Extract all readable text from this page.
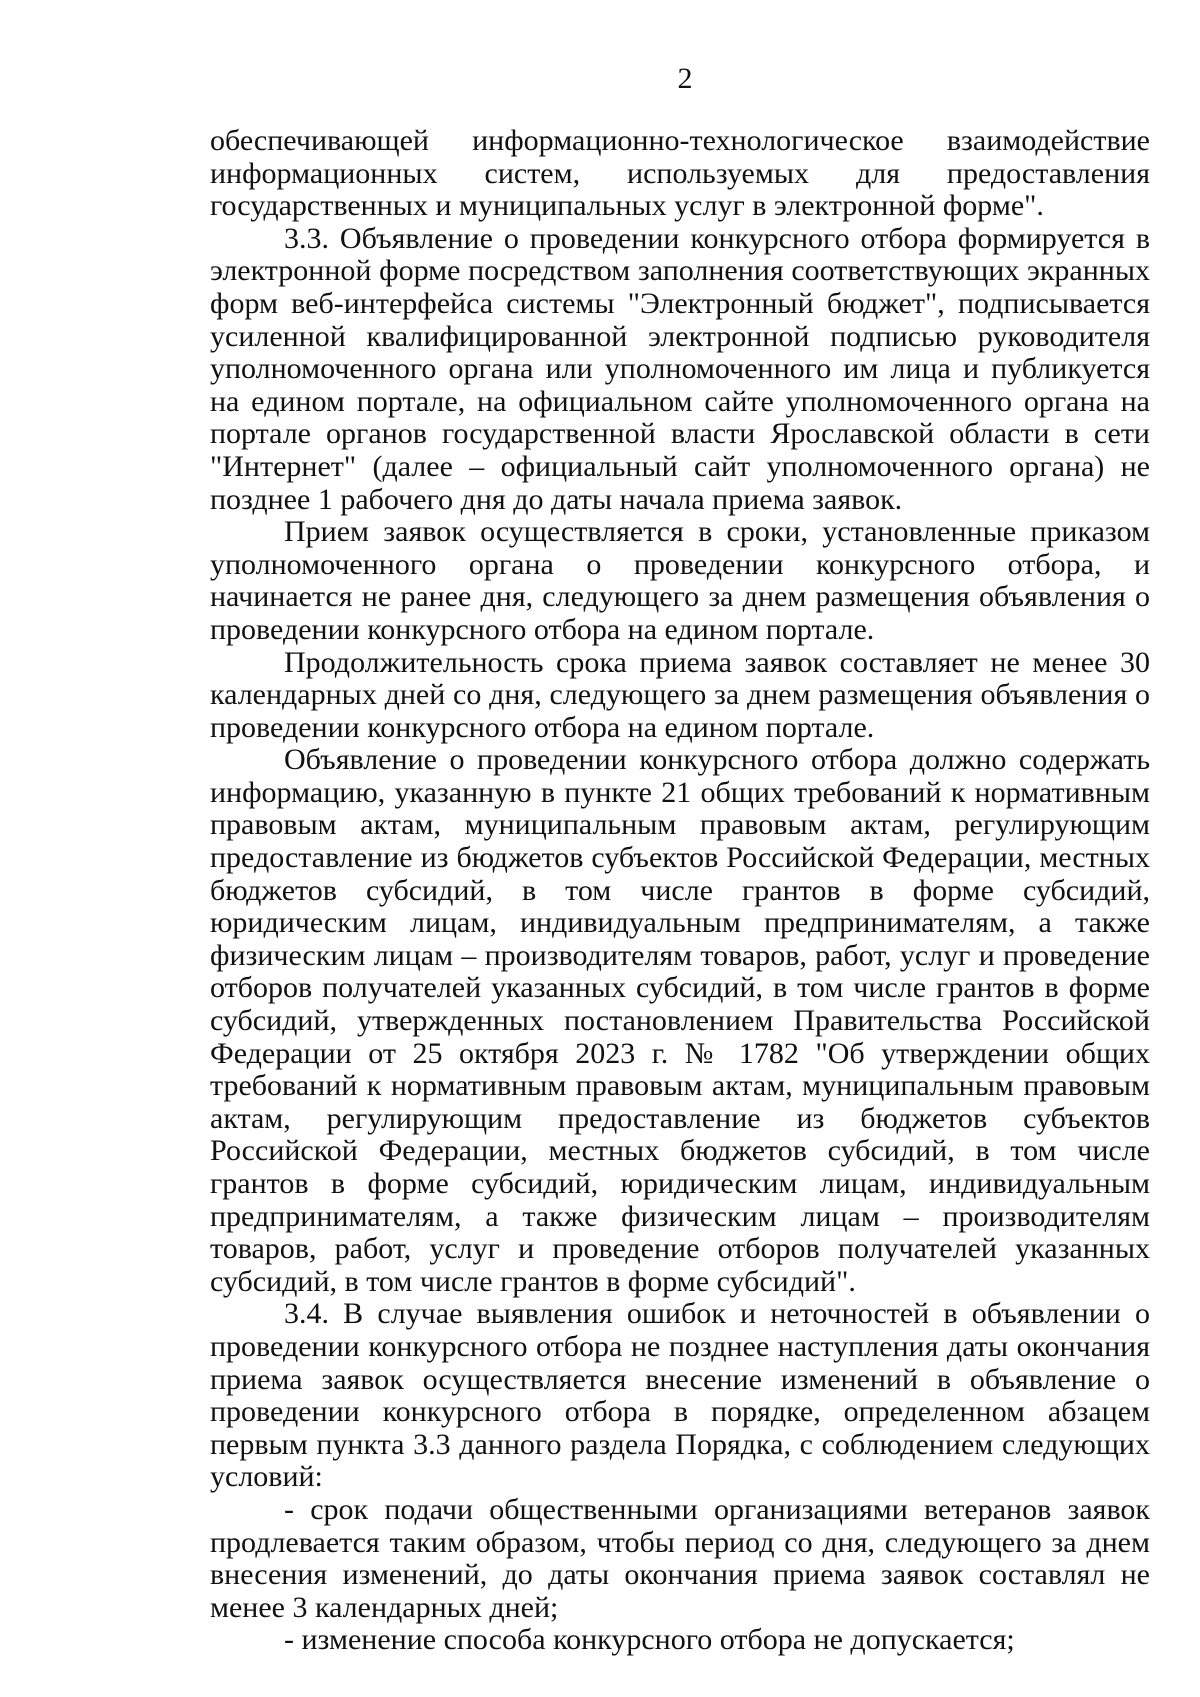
2

обеспечивающей информационно-технологическое взаимодействие информационных систем, используемых для предоставления государственных и муниципальных услуг в электронной форме".

3.3. Объявление о проведении конкурсного отбора формируется в электронной форме посредством заполнения соответствующих экранных форм веб-интерфейса системы "Электронный бюджет", подписывается усиленной квалифицированной электронной подписью руководителя уполномоченного органа или уполномоченного им лица и публикуется на едином портале, на официальном сайте уполномоченного органа на портале органов государственной власти Ярославской области в сети "Интернет" (далее – официальный сайт уполномоченного органа) не позднее 1 рабочего дня до даты начала приема заявок.

Прием заявок осуществляется в сроки, установленные приказом уполномоченного органа о проведении конкурсного отбора, и начинается не ранее дня, следующего за днем размещения объявления о проведении конкурсного отбора на едином портале.

Продолжительность срока приема заявок составляет не менее 30 календарных дней со дня, следующего за днем размещения объявления о проведении конкурсного отбора на едином портале.

Объявление о проведении конкурсного отбора должно содержать информацию, указанную в пункте 21 общих требований к нормативным правовым актам, муниципальным правовым актам, регулирующим предоставление из бюджетов субъектов Российской Федерации, местных бюджетов субсидий, в том числе грантов в форме субсидий, юридическим лицам, индивидуальным предпринимателям, а также физическим лицам – производителям товаров, работ, услуг и проведение отборов получателей указанных субсидий, в том числе грантов в форме субсидий, утвержденных постановлением Правительства Российской Федерации от 25 октября 2023 г. № 1782 "Об утверждении общих требований к нормативным правовым актам, муниципальным правовым актам, регулирующим предоставление из бюджетов субъектов Российской Федерации, местных бюджетов субсидий, в том числе грантов в форме субсидий, юридическим лицам, индивидуальным предпринимателям, а также физическим лицам – производителям товаров, работ, услуг и проведение отборов получателей указанных субсидий, в том числе грантов в форме субсидий".

3.4. В случае выявления ошибок и неточностей в объявлении о проведении конкурсного отбора не позднее наступления даты окончания приема заявок осуществляется внесение изменений в объявление о проведении конкурсного отбора в порядке, определенном абзацем первым пункта 3.3 данного раздела Порядка, с соблюдением следующих условий:

- срок подачи общественными организациями ветеранов заявок продлевается таким образом, чтобы период со дня, следующего за днем внесения изменений, до даты окончания приема заявок составлял не менее 3 календарных дней;

- изменение способа конкурсного отбора не допускается;
